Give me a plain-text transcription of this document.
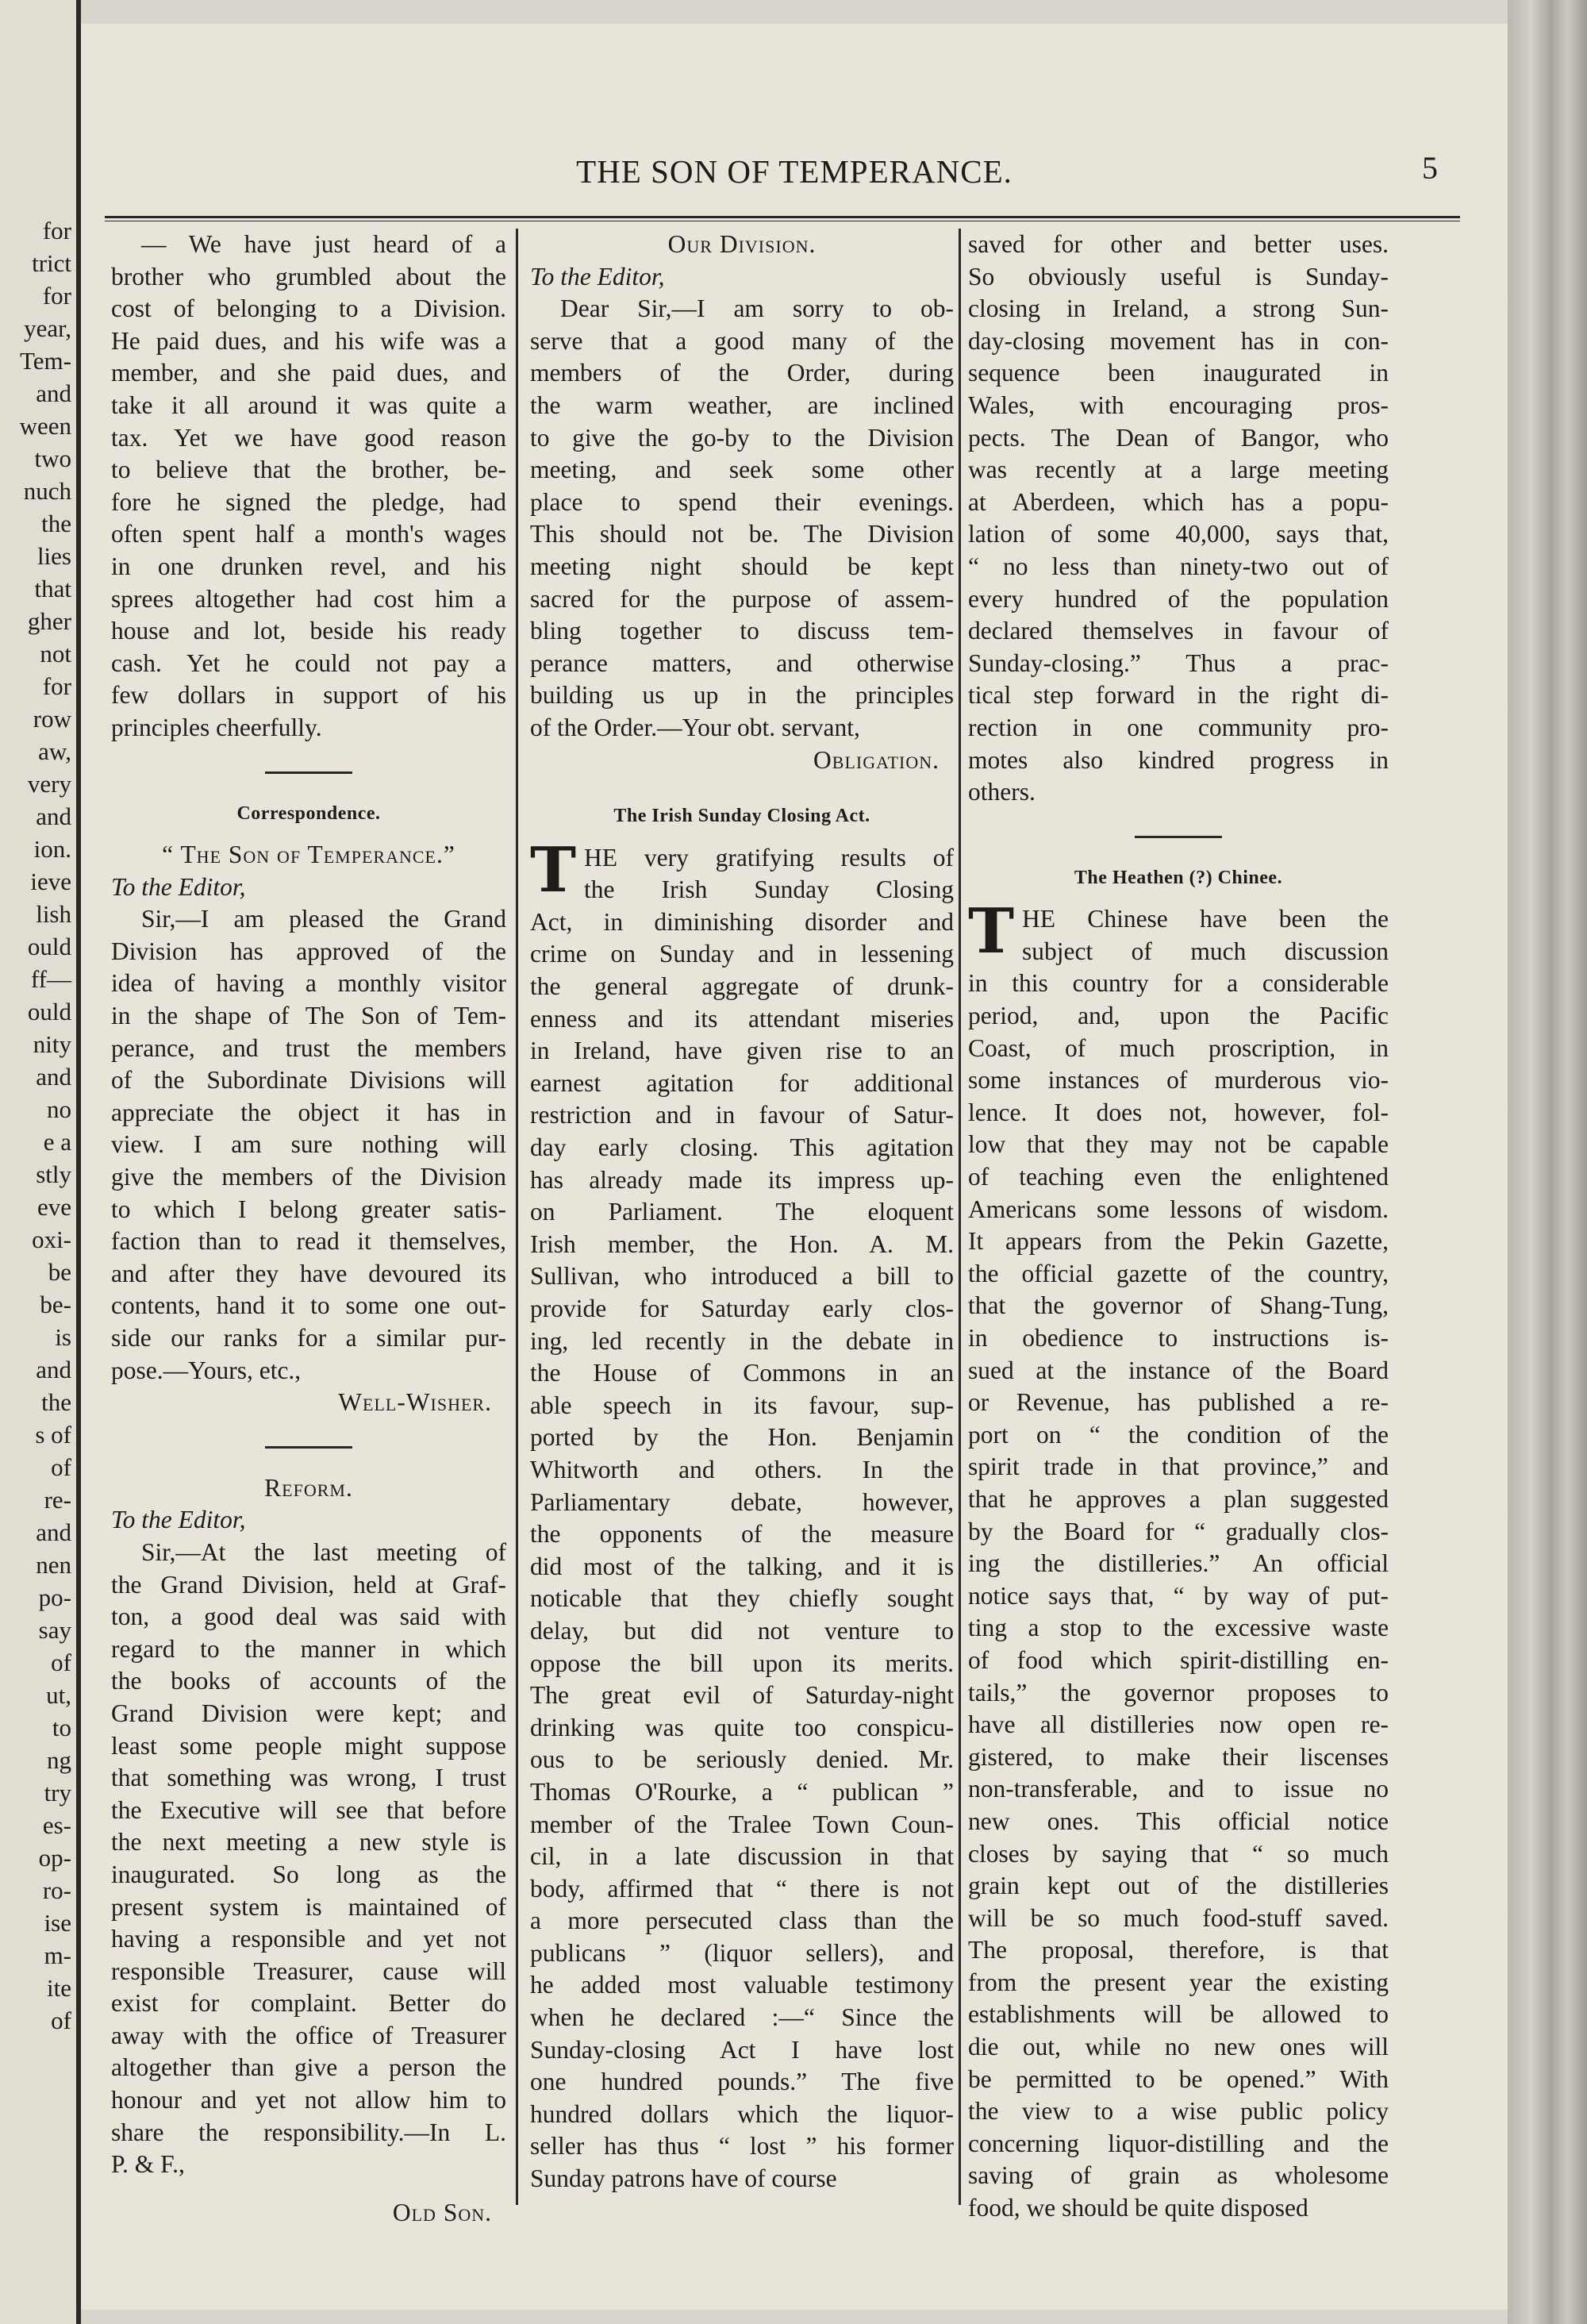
for
trict
for
year,
Tem-
and
ween
two
nuch
the
lies
that
gher
not
for
row
aw,
very
and
ion.
ieve
lish
ould
ff—
ould
nity
and
no
e a
stly
eve
oxi-
be
be-
is
and
the
s of
of
re-
and
nen
po-
say
of
ut,
to
ng
try
es-
op-
ro-
ise
m-
ite
of
THE SON OF TEMPERANCE.	5

— We have just heard of a

brother who grumbled about the

cost of belonging to a Division.

He paid dues, and his wife was a

member, and she paid dues, and

take it all around it was quite a

tax. Yet we have good reason

to believe that the brother, be-

fore he signed the pledge, had

often spent half a month's wages

in one drunken revel, and his

sprees altogether had cost him a

house and lot, beside his ready

cash. Yet he could not pay a

few dollars in support of his

principles cheerfully.

Correspondence.

“ The Son of Temperance.”

To the Editor,

Sir,—I am pleased the Grand

Division has approved of the

idea of having a monthly visitor

in the shape of The Son of Tem-

perance, and trust the members

of the Subordinate Divisions will

appreciate the object it has in

view. I am sure nothing will

give the members of the Division

to which I belong greater satis-

faction than to read it themselves,

and after they have devoured its

contents, hand it to some one out-

side our ranks for a similar pur-

pose.—Yours, etc.,

Well-Wisher.

Reform.

To the Editor,

Sir,—At the last meeting of

the Grand Division, held at Graf-

ton, a good deal was said with

regard to the manner in which

the books of accounts of the

Grand Division were kept; and

least some people might suppose

that something was wrong, I trust

the Executive will see that before

the next meeting a new style is

inaugurated. So long as the

present system is maintained of

having a responsible and yet not

responsible Treasurer, cause will

exist for complaint. Better do

away with the office of Treasurer

altogether than give a person the

honour and yet not allow him to

share the responsibility.—In L.

P. & F.,

Old Son.

Our Division.

To the Editor,

Dear Sir,—I am sorry to ob-

serve that a good many of the

members of the Order, during

the warm weather, are inclined

to give the go-by to the Division

meeting, and seek some other

place to spend their evenings.

This should not be. The Division

meeting night should be kept

sacred for the purpose of assem-

bling together to discuss tem-

perance matters, and otherwise

building us up in the principles

of the Order.—Your obt. servant,

Obligation.

The Irish Sunday Closing Act.
T HE very gratifying results of

the Irish Sunday Closing

Act, in diminishing disorder and

crime on Sunday and in lessening

the general aggregate of drunk-

enness and its attendant miseries

in Ireland, have given rise to an

earnest agitation for additional

restriction and in favour of Satur-

day early closing. This agitation

has already made its impress up-

on Parliament. The eloquent

Irish member, the Hon. A. M.

Sullivan, who introduced a bill to

provide for Saturday early clos-

ing, led recently in the debate in

the House of Commons in an

able speech in its favour, sup-

ported by the Hon. Benjamin

Whitworth and others. In the

Parliamentary debate, however,

the opponents of the measure

did most of the talking, and it is

noticable that they chiefly sought

delay, but did not venture to

oppose the bill upon its merits.

The great evil of Saturday-night

drinking was quite too conspicu-

ous to be seriously denied. Mr.

Thomas O'Rourke, a “ publican ”

member of the Tralee Town Coun-

cil, in a late discussion in that

body, affirmed that “ there is not

a more persecuted class than the

publicans ” (liquor sellers), and

he added most valuable testimony

when he declared :—“ Since the

Sunday-closing Act I have lost

one hundred pounds.” The five

hundred dollars which the liquor-

seller has thus “ lost ” his former

Sunday patrons have of course

saved for other and better uses.

So obviously useful is Sunday-

closing in Ireland, a strong Sun-

day-closing movement has in con-

sequence been inaugurated in

Wales, with encouraging pros-

pects. The Dean of Bangor, who

was recently at a large meeting

at Aberdeen, which has a popu-

lation of some 40,000, says that,

“ no less than ninety-two out of

every hundred of the population

declared themselves in favour of

Sunday-closing.” Thus a prac-

tical step forward in the right di-

rection in one community pro-

motes also kindred progress in

others.

The Heathen (?) Chinee.
T HE Chinese have been the

subject of much discussion

in this country for a considerable

period, and, upon the Pacific

Coast, of much proscription, in

some instances of murderous vio-

lence. It does not, however, fol-

low that they may not be capable

of teaching even the enlightened

Americans some lessons of wisdom.

It appears from the Pekin Gazette,

the official gazette of the country,

that the governor of Shang-Tung,

in obedience to instructions is-

sued at the instance of the Board

or Revenue, has published a re-

port on “ the condition of the

spirit trade in that province,” and

that he approves a plan suggested

by the Board for “ gradually clos-

ing the distilleries.” An official

notice says that, “ by way of put-

ting a stop to the excessive waste

of food which spirit-distilling en-

tails,” the governor proposes to

have all distilleries now open re-

gistered, to make their liscenses

non-transferable, and to issue no

new ones. This official notice

closes by saying that “ so much

grain kept out of the distilleries

will be so much food-stuff saved.

The proposal, therefore, is that

from the present year the existing

establishments will be allowed to

die out, while no new ones will

be permitted to be opened.” With

the view to a wise public policy

concerning liquor-distilling and the

saving of grain as wholesome

food, we should be quite disposed
